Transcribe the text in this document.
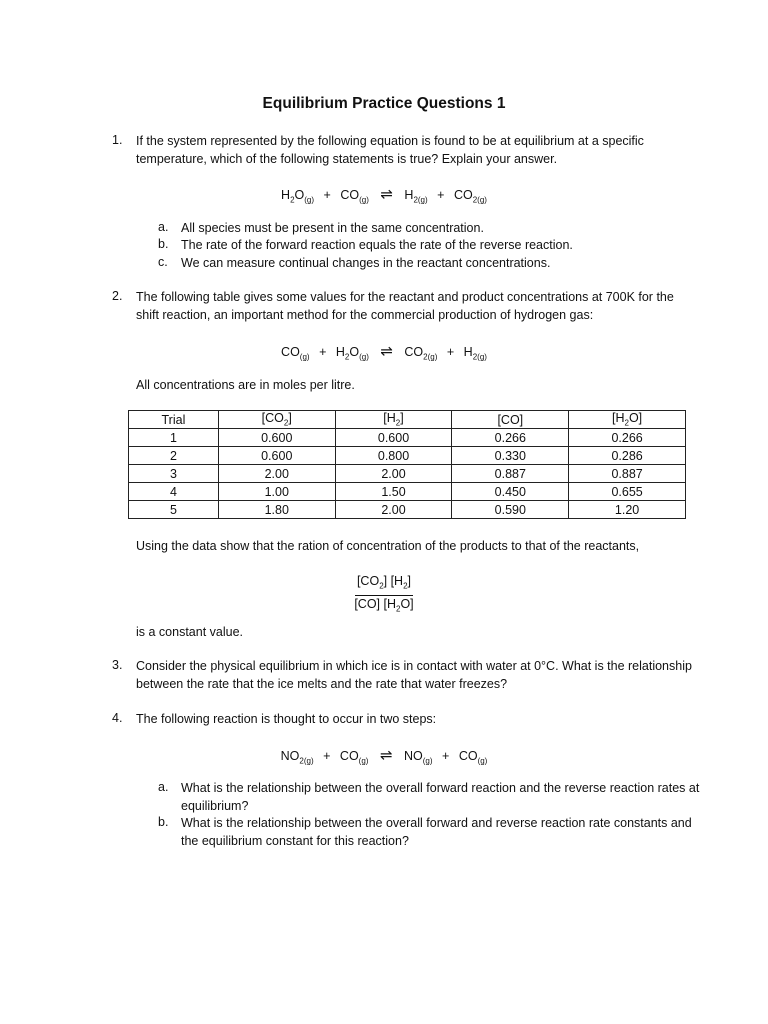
Equilibrium Practice Questions 1
1.	If the system represented by the following equation is found to be at equilibrium at a specific temperature, which of the following statements is true? Explain your answer.
$H_2O_{(g)} + CO_{(g)}$ ⇌ $H_{2(g)} + CO_{2(g)}$
a. All species must be present in the same concentration.
b. The rate of the forward reaction equals the rate of the reverse reaction.
c. We can measure continual changes in the reactant concentrations.
2.	The following table gives some values for the reactant and product concentrations at 700K for the shift reaction, an important method for the commercial production of hydrogen gas:
$CO_{(g)} + H_2O_{(g)}$ ⇌ $CO_{2(g)} + H_{2(g)}$
All concentrations are in moles per litre.
Trial	$[CO_2]$	$[H_2]$	[CO]	$[H_2O]$
1	0.600	0.600	0.266	0.266
2	0.600	0.800	0.330	0.286
3	2.00	2.00	0.887	0.887
4	1.00	1.50	0.450	0.655
5	1.80	2.00	0.590	1.20
Using the data show that the ration of concentration of the products to that of the reactants,
$\frac{[CO_2] [H_2]}{[CO] [H_2O]}$
is a constant value.
3.	Consider the physical equilibrium in which ice is in contact with water at 0°C. What is the relationship between the rate that the ice melts and the rate that water freezes?
4.	The following reaction is thought to occur in two steps:
$NO_{2(g)} + CO_{(g)}$ ⇌ $NO_{(g)} + CO_{(g)}$
a. What is the relationship between the overall forward reaction and the reverse reaction rates at equilibrium?
b. What is the relationship between the overall forward and reverse reaction rate constants and the equilibrium constant for this reaction?
